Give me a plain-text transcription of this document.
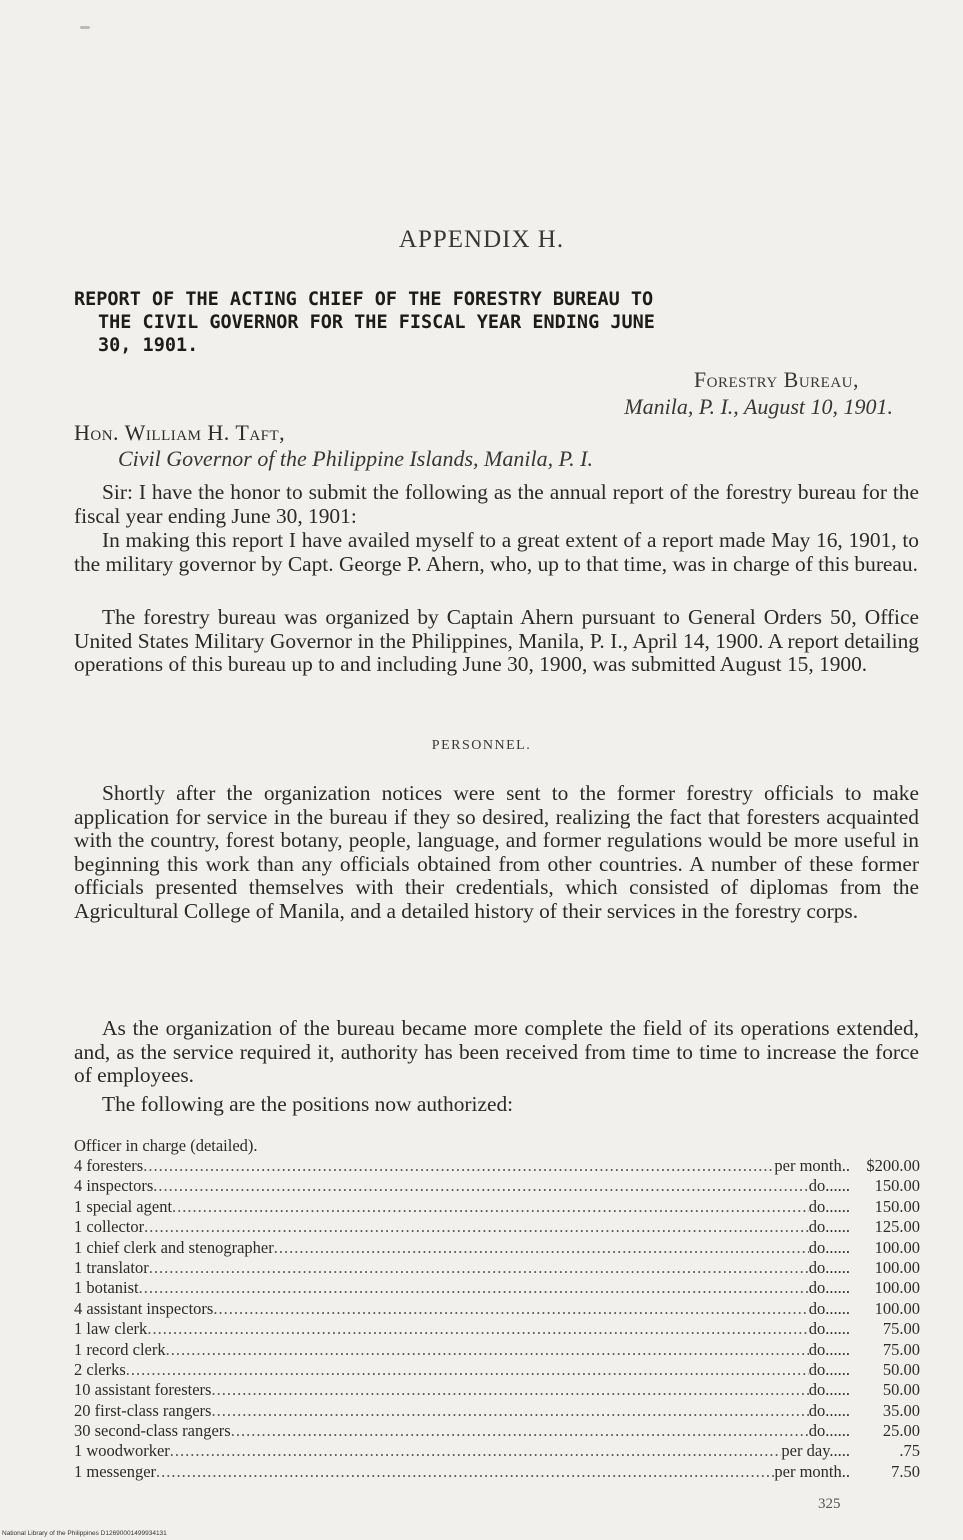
APPENDIX H.
REPORT OF THE ACTING CHIEF OF THE FORESTRY BUREAU TO
THE CIVIL GOVERNOR FOR THE FISCAL YEAR ENDING JUNE
30, 1901.
Forestry Bureau,
Manila, P. I., August 10, 1901.
Hon. William H. Taft,
Civil Governor of the Philippine Islands, Manila, P. I.
Sir: I have the honor to submit the following as the annual report of the forestry bureau for the fiscal year ending June 30, 1901:
In making this report I have availed myself to a great extent of a report made May 16, 1901, to the military governor by Capt. George P. Ahern, who, up to that time, was in charge of this bureau.
The forestry bureau was organized by Captain Ahern pursuant to General Orders 50, Office United States Military Governor in the Philippines, Manila, P. I., April 14, 1900. A report detailing operations of this bureau up to and including June 30, 1900, was submitted August 15, 1900.
PERSONNEL.
Shortly after the organization notices were sent to the former forestry officials to make application for service in the bureau if they so desired, realizing the fact that foresters acquainted with the country, forest botany, people, language, and former regulations would be more useful in beginning this work than any officials obtained from other countries. A number of these former officials presented themselves with their credentials, which consisted of diplomas from the Agricultural College of Manila, and a detailed history of their services in the forestry corps.
As the organization of the bureau became more complete the field of its operations extended, and, as the service required it, authority has been received from time to time to increase the force of employees.
The following are the positions now authorized:
Officer in charge (detailed).
4 foresters .....	per month.. $200.00
4 inspectors .....	do......	150.00
1 special agent .....	do......	150.00
1 collector .....	do......	125.00
1 chief clerk and stenographer .....	do......	100.00
1 translator .....	do......	100.00
1 botanist .....	do......	100.00
4 assistant inspectors .....	do......	100.00
1 law clerk .....	do......	75.00
1 record clerk .....	do......	75.00
2 clerks .....	do......	50.00
10 assistant foresters .....	do......	50.00
20 first-class rangers .....	do......	35.00
30 second-class rangers .....	do......	25.00
1 woodworker .....	per day.....	.75
1 messenger .....	per month..	7.50
325
National Library of the Philippines D12690001499934131
